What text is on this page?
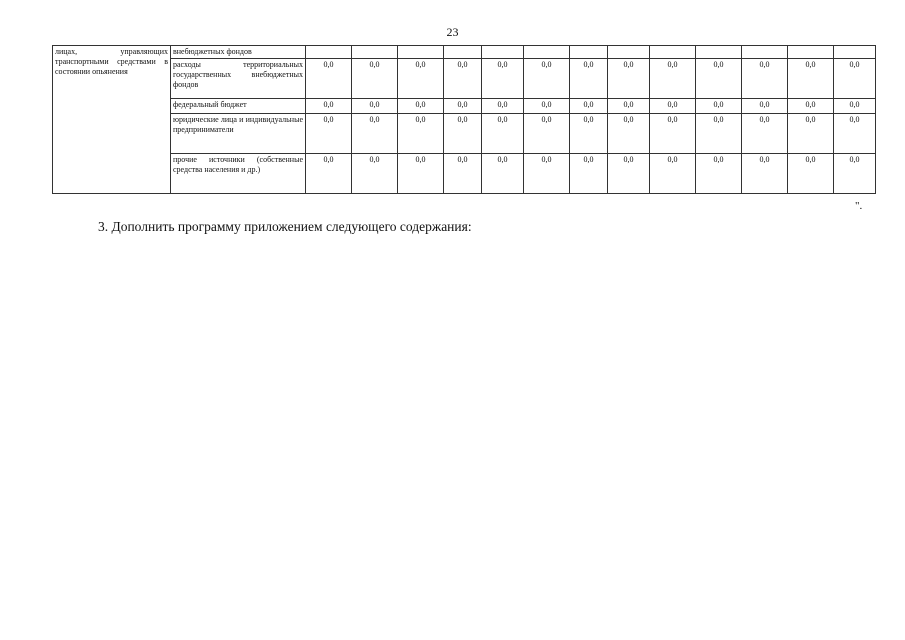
23
лицах, управляющих транспортными средствами в состоянии опьянения	внебюджетных фондов													
	расходы территориальных государственных внебюджетных фондов	0,0	0,0	0,0	0,0	0,0	0,0	0,0	0,0	0,0	0,0	0,0	0,0	0,0
	федеральный бюджет	0,0	0,0	0,0	0,0	0,0	0,0	0,0	0,0	0,0	0,0	0,0	0,0	0,0
	юридические лица и индивидуальные предприниматели	0,0	0,0	0,0	0,0	0,0	0,0	0,0	0,0	0,0	0,0	0,0	0,0	0,0
	прочие источники (собственные средства населения и др.)	0,0	0,0	0,0	0,0	0,0	0,0	0,0	0,0	0,0	0,0	0,0	0,0	0,0
".
3. Дополнить программу приложением следующего содержания:
